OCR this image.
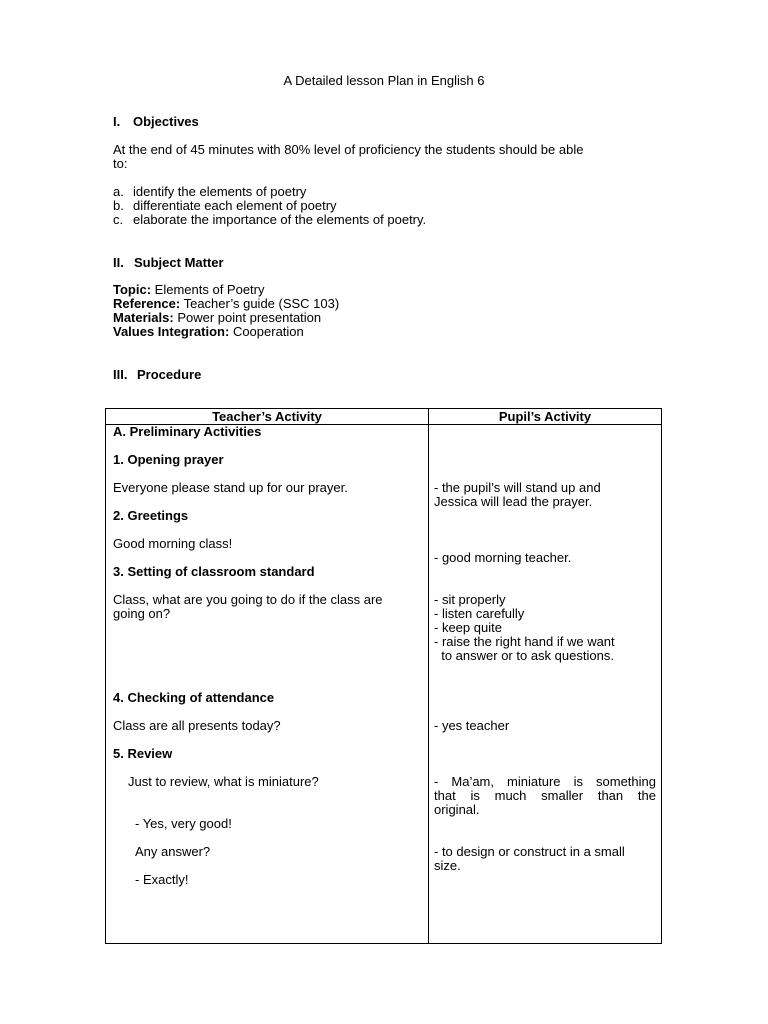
A Detailed lesson Plan in English 6
I. Objectives
At the end of 45 minutes with 80% level of proficiency the students should be able
to:
a. identify the elements of poetry
b. differentiate each element of poetry
c. elaborate the importance of the elements of poetry.
II. Subject Matter
Topic: Elements of Poetry
Reference: Teacher’s guide (SSC 103)
Materials: Power point presentation
Values Integration: Cooperation
III. Procedure
Teacher’s Activity	Pupil’s Activity
A. Preliminary Activities
1. Opening prayer
Everyone please stand up for our prayer.
2. Greetings
Good morning class!
3. Setting of classroom standard
Class, what are you going to do if the class are
going on?
4. Checking of attendance
Class are all presents today?
5. Review
Just to review, what is miniature?
- Yes, very good!
Any answer?
- Exactly!
- the pupil’s will stand up and
Jessica will lead the prayer.
- good morning teacher.
- sit properly
- listen carefully
- keep quite
- raise the right hand if we want
to answer or to ask questions.
- yes teacher
- Ma’am, miniature is something
that is much smaller than the
original.
- to design or construct in a small
size.
